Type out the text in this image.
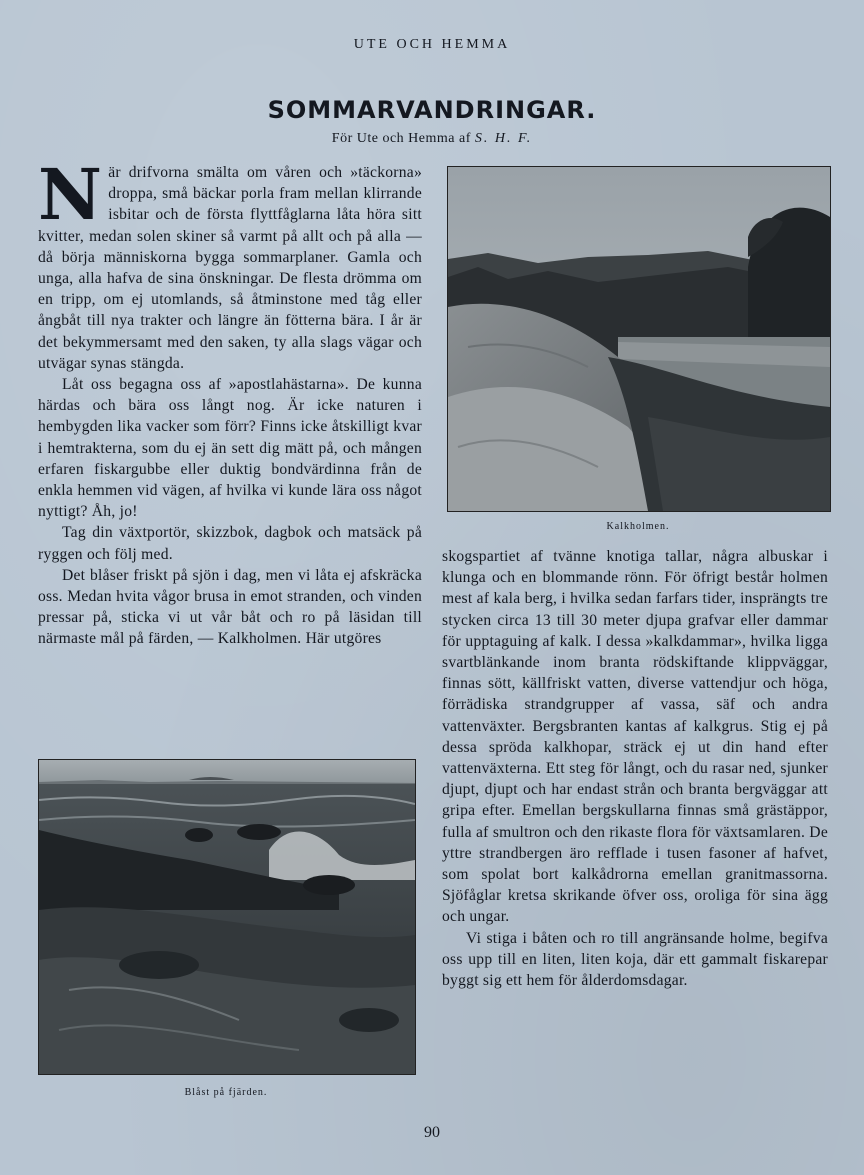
UTE OCH HEMMA
SOMMARVANDRINGAR.
För Ute och Hemma af S. H. F.

När drifvorna smälta om våren och »täckorna» droppa, små bäckar porla fram mellan klirrande isbitar och de första flyttfåglarna låta höra sitt kvitter, medan solen skiner så varmt på allt och på alla — då börja människorna bygga sommarplaner. Gamla och unga, alla hafva de sina önskningar. De flesta drömma om en tripp, om ej utomlands, så åtminstone med tåg eller ångbåt till nya trakter och längre än fötterna bära. I år är det bekymmersamt med den saken, ty alla slags vägar och utvägar synas stängda.

Låt oss begagna oss af »apostlahästarna». De kunna härdas och bära oss långt nog. Är icke naturen i hembygden lika vacker som förr? Finns icke åtskilligt kvar i hemtrakterna, som du ej än sett dig mätt på, och mången erfaren fiskargubbe eller duktig bondvärdinna från de enkla hemmen vid vägen, af hvilka vi kunde lära oss något nyttigt? Åh, jo!

Tag din växtportör, skizzbok, dagbok och matsäck på ryggen och följ med.

Det blåser friskt på sjön i dag, men vi låta ej afskräcka oss. Medan hvita vågor brusa in emot stranden, och vinden pressar på, sticka vi ut vår båt och ro på läsidan till närmaste mål på färden, — Kalkholmen. Här utgöres

Kalkholmen.

skogspartiet af tvänne knotiga tallar, några albuskar i klunga och en blommande rönn. För öfrigt består holmen mest af kala berg, i hvilka sedan farfars tider, insprängts tre stycken circa 13 till 30 meter djupa grafvar eller dammar för upptaguing af kalk. I dessa »kalkdammar», hvilka ligga svartblänkande inom branta rödskiftande klippväggar, finnas sött, källfriskt vatten, diverse vattendjur och höga, förrädiska strandgrupper af vassa, säf och andra vattenväxter. Bergsbranten kantas af kalkgrus. Stig ej på dessa spröda kalkhopar, sträck ej ut din hand efter vattenväxterna. Ett steg för långt, och du rasar ned, sjunker djupt, djupt och har endast strån och branta bergväggar att gripa efter. Emellan bergskullarna finnas små grästäppor, fulla af smultron och den rikaste flora för växtsamlaren. De yttre strandbergen äro refflade i tusen fasoner af hafvet, som spolat bort kalkådrorna emellan granitmassorna. Sjöfåglar kretsa skrikande öfver oss, oroliga för sina ägg och ungar.

Vi stiga i båten och ro till angränsande holme, begifva oss upp till en liten, liten koja, där ett gammalt fiskarepar byggt sig ett hem för ålderdomsdagar.

Blåst på fjärden.
90
